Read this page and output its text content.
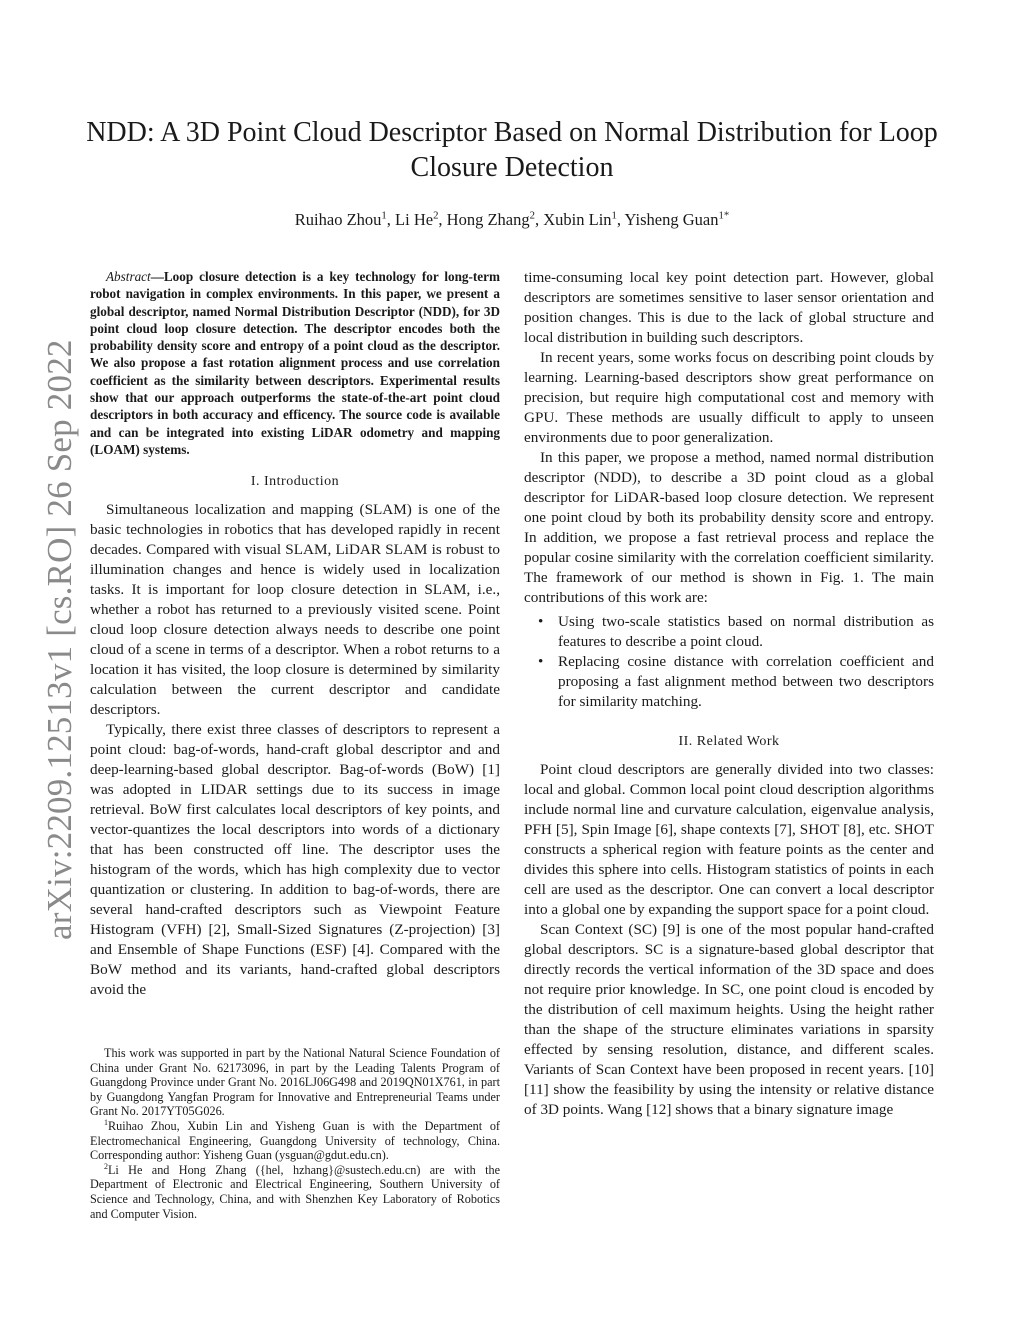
arXiv:2209.12513v1 [cs.RO] 26 Sep 2022
NDD: A 3D Point Cloud Descriptor Based on Normal Distribution for Loop Closure Detection
Ruihao Zhou$^1$, Li He$^2$, Hong Zhang$^2$, Xubin Lin$^1$, Yisheng Guan$^{1*}$

Abstract—Loop closure detection is a key technology for long-term robot navigation in complex environments. In this paper, we present a global descriptor, named Normal Distribution Descriptor (NDD), for 3D point cloud loop closure detection. The descriptor encodes both the probability density score and entropy of a point cloud as the descriptor. We also propose a fast rotation alignment process and use correlation coefficient as the similarity between descriptors. Experimental results show that our approach outperforms the state-of-the-art point cloud descriptors in both accuracy and efficency. The source code is available and can be integrated into existing LiDAR odometry and mapping (LOAM) systems.

I. Introduction

Simultaneous localization and mapping (SLAM) is one of the basic technologies in robotics that has developed rapidly in recent decades. Compared with visual SLAM, LiDAR SLAM is robust to illumination changes and hence is widely used in localization tasks. It is important for loop closure detection in SLAM, i.e., whether a robot has returned to a previously visited scene. Point cloud loop closure detection always needs to describe one point cloud of a scene in terms of a descriptor. When a robot returns to a location it has visited, the loop closure is determined by similarity calculation between the current descriptor and candidate descriptors.

Typically, there exist three classes of descriptors to represent a point cloud: bag-of-words, hand-craft global descriptor and and deep-learning-based global descriptor. Bag-of-words (BoW) [1] was adopted in LIDAR settings due to its success in image retrieval. BoW first calculates local descriptors of key points, and vector-quantizes the local descriptors into words of a dictionary that has been constructed off line. The descriptor uses the histogram of the words, which has high complexity due to vector quantization or clustering. In addition to bag-of-words, there are several hand-crafted descriptors such as Viewpoint Feature Histogram (VFH) [2], Small-Sized Signatures (Z-projection) [3] and Ensemble of Shape Functions (ESF) [4]. Compared with the BoW method and its variants, hand-crafted global descriptors avoid the

time-consuming local key point detection part. However, global descriptors are sometimes sensitive to laser sensor orientation and position changes. This is due to the lack of global structure and local distribution in building such descriptors.

In recent years, some works focus on describing point clouds by learning. Learning-based descriptors show great performance on precision, but require high computational cost and memory with GPU. These methods are usually difficult to apply to unseen environments due to poor generalization.

In this paper, we propose a method, named normal distribution descriptor (NDD), to describe a 3D point cloud as a global descriptor for LiDAR-based loop closure detection. We represent one point cloud by both its probability density score and entropy. In addition, we propose a fast retrieval process and replace the popular cosine similarity with the correlation coefficient similarity. The framework of our method is shown in Fig. 1. The main contributions of this work are:

• Using two-scale statistics based on normal distribution as features to describe a point cloud.
• Replacing cosine distance with correlation coefficient and proposing a fast alignment method between two descriptors for similarity matching.
II. Related Work

Point cloud descriptors are generally divided into two classes: local and global. Common local point cloud description algorithms include normal line and curvature calculation, eigenvalue analysis, PFH [5], Spin Image [6], shape contexts [7], SHOT [8], etc. SHOT constructs a spherical region with feature points as the center and divides this sphere into cells. Histogram statistics of points in each cell are used as the descriptor. One can convert a local descriptor into a global one by expanding the support space for a point cloud.

Scan Context (SC) [9] is one of the most popular hand-crafted global descriptors. SC is a signature-based global descriptor that directly records the vertical information of the 3D space and does not require prior knowledge. In SC, one point cloud is encoded by the distribution of cell maximum heights. Using the height rather than the shape of the structure eliminates variations in sparsity effected by sensing resolution, distance, and different scales. Variants of Scan Context have been proposed in recent years. [10] [11] show the feasibility by using the intensity or relative distance of 3D points. Wang [12] shows that a binary signature image

This work was supported in part by the National Natural Science Foundation of China under Grant No. 62173096, in part by the Leading Talents Program of Guangdong Province under Grant No. 2016LJ06G498 and 2019QN01X761, in part by Guangdong Yangfan Program for Innovative and Entrepreneurial Teams under Grant No. 2017YT05G026.

$^1$Ruihao Zhou, Xubin Lin and Yisheng Guan is with the Department of Electromechanical Engineering, Guangdong University of technology, China. Corresponding author: Yisheng Guan (ysguan@gdut.edu.cn).

$^2$Li He and Hong Zhang ({hel, hzhang}@sustech.edu.cn) are with the Department of Electronic and Electrical Engineering, Southern University of Science and Technology, China, and with Shenzhen Key Laboratory of Robotics and Computer Vision.
